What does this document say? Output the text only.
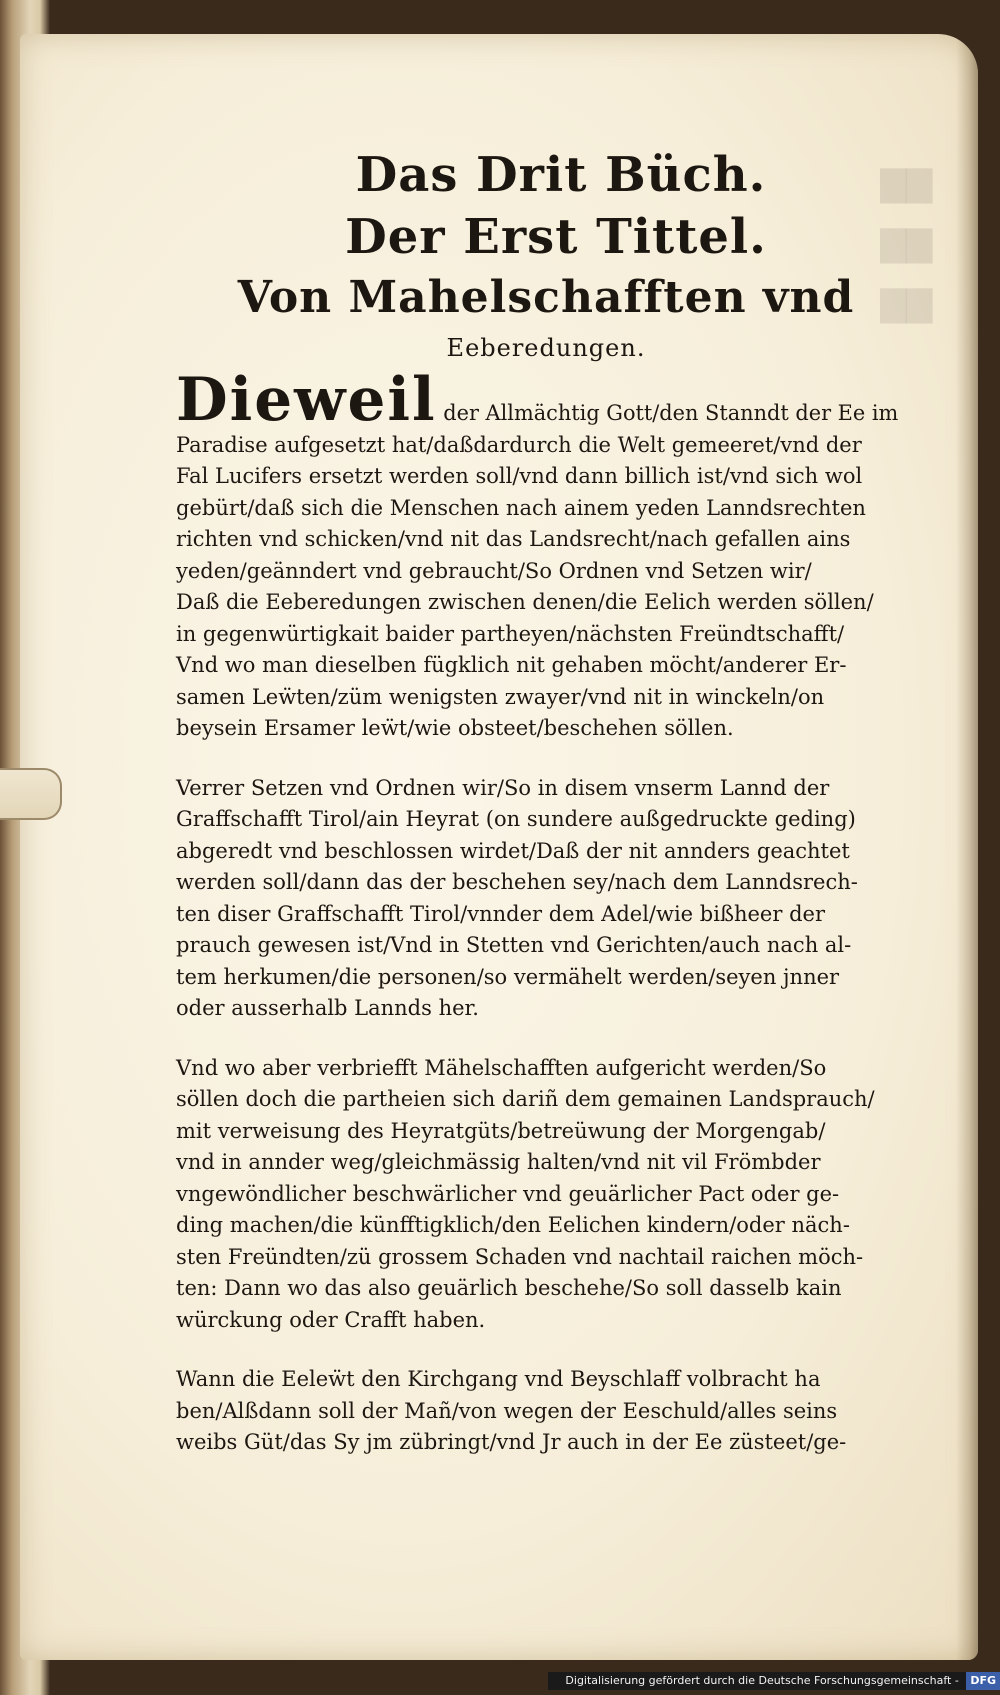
▇▇
▇▇
▇▇

Das Drit Büch.

Der Erst Tittel.

Von Mahelschafften vnd

Eeberedungen.

Dieweil der Allmächtig Gott/den Stanndt der Ee im
Paradise aufgesetzt hat/daßdardurch die Welt gemeeret/vnd der
Fal Lucifers ersetzt werden soll/vnd dann billich ist/vnd sich wol
gebürt/daß sich die Menschen nach ainem yeden Lanndsrechten
richten vnd schicken/vnd nit das Landsrecht/nach gefallen ains
yeden/geänndert vnd gebraucht/So Ordnen vnd Setzen wir/
Daß die Eeberedungen zwischen denen/die Eelich werden söllen/
in gegenwürtigkait baider partheyen/nächsten Freündtschafft/
Vnd wo man dieselben fügklich nit gehaben möcht/anderer Er-
samen Leẅten/züm wenigsten zwayer/vnd nit in winckeln/on
beysein Ersamer leẅt/wie obsteet/beschehen söllen.
Verrer Setzen vnd Ordnen wir/So in disem vnserm Lannd der
Graffschafft Tirol/ain Heyrat (on sundere außgedruckte geding)
abgeredt vnd beschlossen wirdet/Daß der nit annders geachtet
werden soll/dann das der beschehen sey/nach dem Lanndsrech-
ten diser Graffschafft Tirol/vnnder dem Adel/wie bißheer der
prauch gewesen ist/Vnd in Stetten vnd Gerichten/auch nach al-
tem herkumen/die personen/so vermähelt werden/seyen jnner
oder ausserhalb Lannds her.
Vnd wo aber verbriefft Mähelschafften aufgericht werden/So
söllen doch die partheien sich dariñ dem gemainen Landsprauch/
mit verweisung des Heyratgüts/betreüwung der Morgengab/
vnd in annder weg/gleichmässig halten/vnd nit vil Frömbder
vngewöndlicher beschwärlicher vnd geuärlicher Pact oder ge-
ding machen/die künfftigklich/den Eelichen kindern/oder näch-
sten Freündten/zü grossem Schaden vnd nachtail raichen möch-
ten: Dann wo das also geuärlich beschehe/So soll dasselb kain
würckung oder Crafft haben.
Wann die Eeleẅt den Kirchgang vnd Beyschlaff volbracht ha
ben/Alßdann soll der Mañ/von wegen der Eeschuld/alles seins
weibs Güt/das Sy jm zübringt/vnd Jr auch in der Ee züsteet/ge-
Digitalisierung gefördert durch die Deutsche Forschungsgemeinschaft - DFG
